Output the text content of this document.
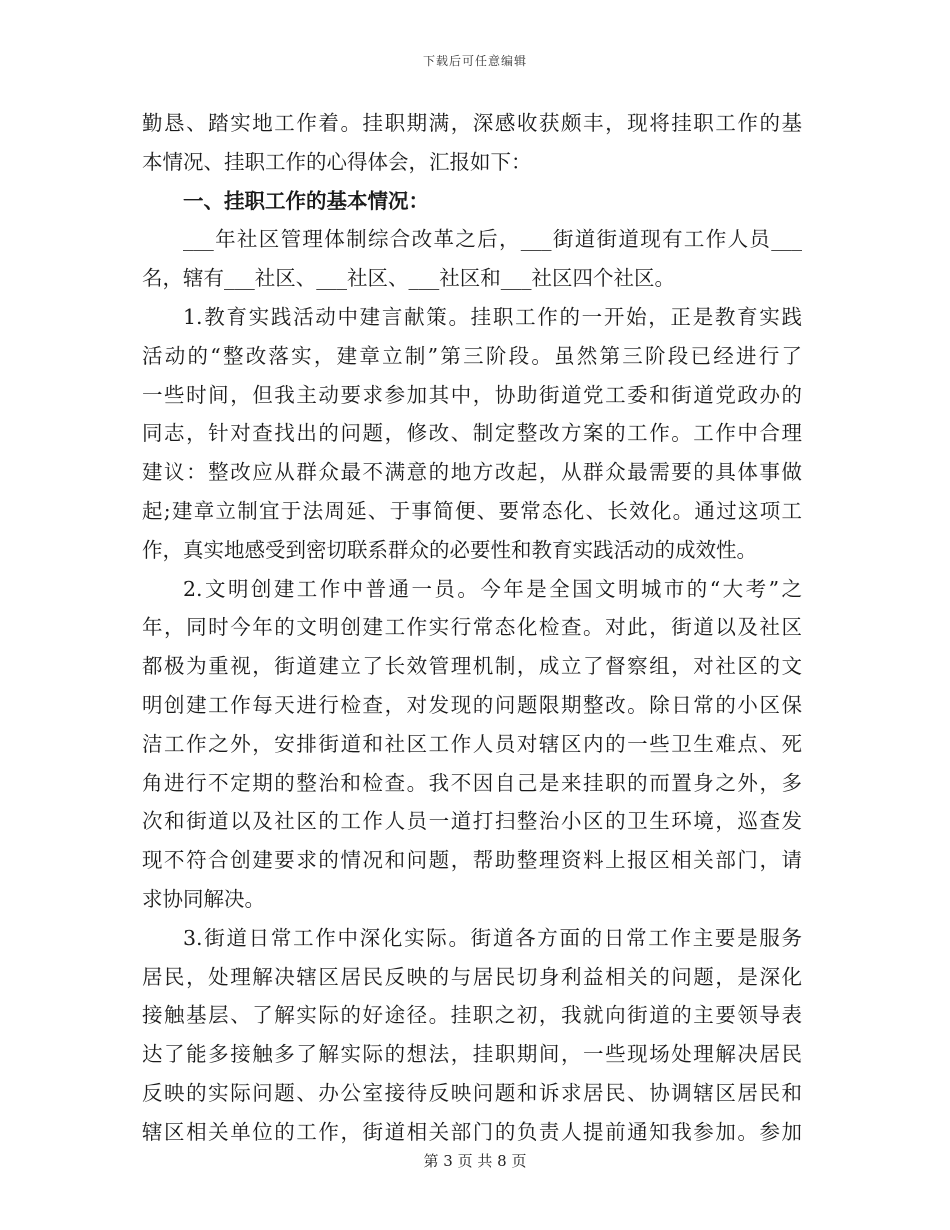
下载后可任意编辑
勤恳、踏实地工作着。挂职期满，深感收获颇丰，现将挂职工作的基
本情况、挂职工作的心得体会，汇报如下：
一、挂职工作的基本情况：
___年社区管理体制综合改革之后，___街道街道现有工作人员___
名，辖有___社区、___社区、___社区和___社区四个社区。
1.教育实践活动中建言献策。挂职工作的一开始，正是教育实践
活动的“整改落实，建章立制”第三阶段。虽然第三阶段已经进行了
一些时间，但我主动要求参加其中，协助街道党工委和街道党政办的
同志，针对查找出的问题，修改、制定整改方案的工作。工作中合理
建议：整改应从群众最不满意的地方改起，从群众最需要的具体事做
起;建章立制宜于法周延、于事简便、要常态化、长效化。通过这项工
作，真实地感受到密切联系群众的必要性和教育实践活动的成效性。
2.文明创建工作中普通一员。今年是全国文明城市的“大考”之
年，同时今年的文明创建工作实行常态化检查。对此，街道以及社区
都极为重视，街道建立了长效管理机制，成立了督察组，对社区的文
明创建工作每天进行检查，对发现的问题限期整改。除日常的小区保
洁工作之外，安排街道和社区工作人员对辖区内的一些卫生难点、死
角进行不定期的整治和检查。我不因自己是来挂职的而置身之外，多
次和街道以及社区的工作人员一道打扫整治小区的卫生环境，巡查发
现不符合创建要求的情况和问题，帮助整理资料上报区相关部门，请
求协同解决。
3.街道日常工作中深化实际。街道各方面的日常工作主要是服务
居民，处理解决辖区居民反映的与居民切身利益相关的问题，是深化
接触基层、了解实际的好途径。挂职之初，我就向街道的主要领导表
达了能多接触多了解实际的想法，挂职期间，一些现场处理解决居民
反映的实际问题、办公室接待反映问题和诉求居民、协调辖区居民和
辖区相关单位的工作，街道相关部门的负责人提前通知我参加。参加
第 3 页 共 8 页
